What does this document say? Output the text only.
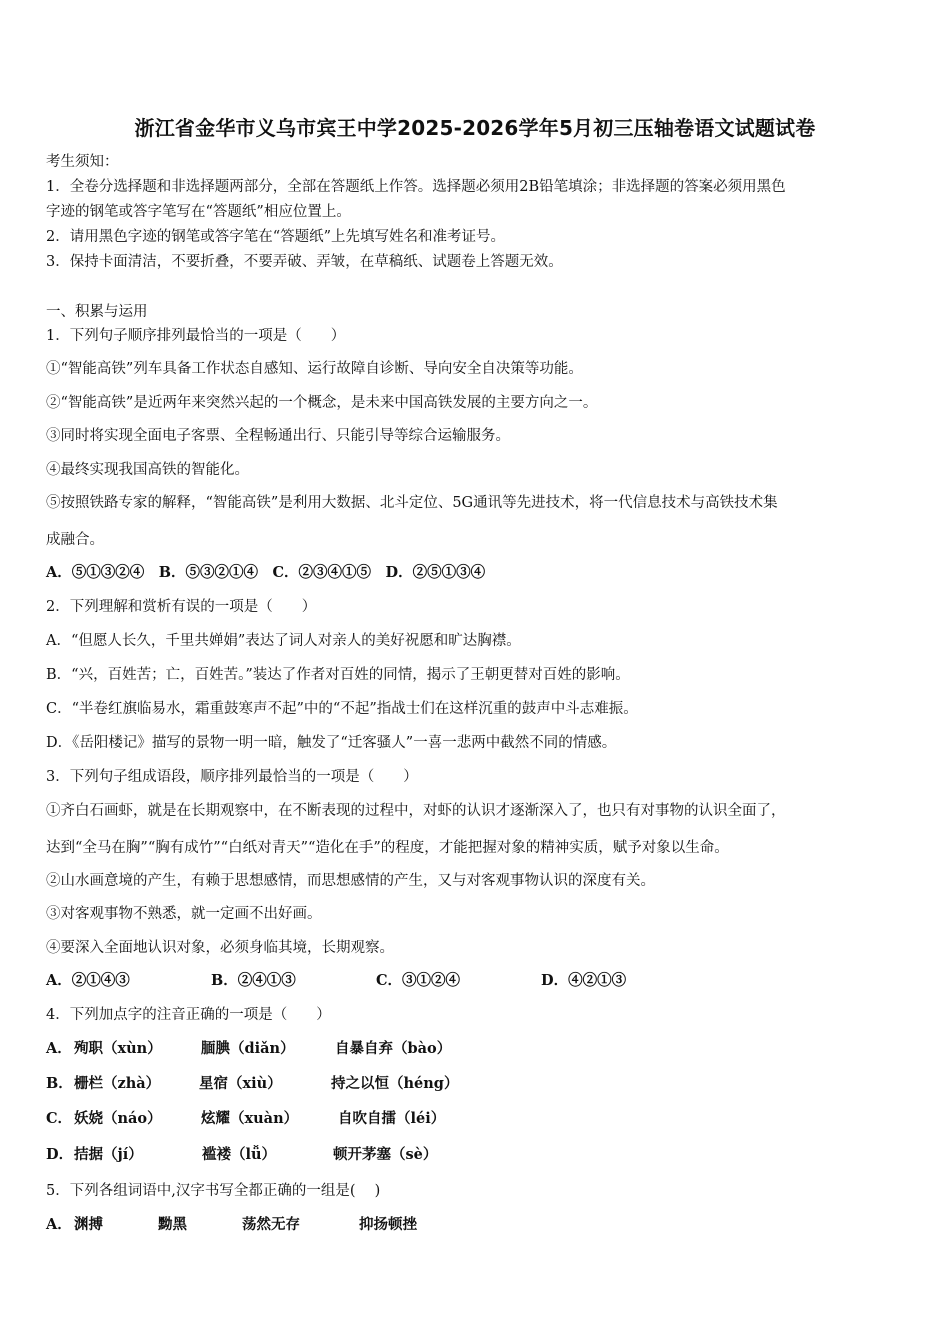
浙江省金华市义乌市宾王中学2025-2026学年5月初三压轴卷语文试题试卷
考生须知：
1．全卷分选择题和非选择题两部分，全部在答题纸上作答。选择题必须用2B铅笔填涂；非选择题的答案必须用黑色
字迹的钢笔或答字笔写在“答题纸”相应位置上。
2．请用黑色字迹的钢笔或答字笔在“答题纸”上先填写姓名和准考证号。
3．保持卡面清洁，不要折叠，不要弄破、弄皱，在草稿纸、试题卷上答题无效。
一、积累与运用
1．下列句子顺序排列最恰当的一项是（　　）
①“智能高铁”列车具备工作状态自感知、运行故障自诊断、导向安全自决策等功能。
②“智能高铁”是近两年来突然兴起的一个概念，是未来中国高铁发展的主要方向之一。
③同时将实现全面电子客票、全程畅通出行、只能引导等综合运输服务。
④最终实现我国高铁的智能化。
⑤按照铁路专家的解释，“智能高铁”是利用大数据、北斗定位、5G通讯等先进技术，将一代信息技术与高铁技术集
成融合。
A．⑤①③②④　B．⑤③②①④　C．②③④①⑤　D．②⑤①③④
2．下列理解和赏析有误的一项是（　　）
A．“但愿人长久，千里共婵娟”表达了词人对亲人的美好祝愿和旷达胸襟。
B．“兴，百姓苦；亡，百姓苦。”装达了作者对百姓的同情，揭示了王朝更替对百姓的影响。
C．“半卷红旗临易水，霜重鼓寒声不起”中的“不起”指战士们在这样沉重的鼓声中斗志难振。
D．《岳阳楼记》描写的景物一明一暗，触发了“迁客骚人”一喜一悲两中截然不同的情感。
3．下列句子组成语段，顺序排列最恰当的一项是（　　）
①齐白石画虾，就是在长期观察中，在不断表现的过程中，对虾的认识才逐渐深入了，也只有对事物的认识全面了，
达到“全马在胸”“胸有成竹”“白纸对青天”“造化在手”的程度，才能把握对象的精神实质，赋予对象以生命。
②山水画意境的产生，有赖于思想感情，而思想感情的产生，又与对客观事物认识的深度有关。
③对客观事物不熟悉，就一定画不出好画。
④要深入全面地认识对象，必须身临其境，长期观察。
A．②①④③	B．②④①③	C．③①②④	D．④②①③
4．下列加点字的注音正确的一项是（　　）
A． 殉职（xùn）	腼腆（diǎn）	自暴自弃（bào）
B． 栅栏（zhà）	星宿（xiù）	持之以恒（héng）
C． 妖娆（náo）	炫耀（xuàn）	自吹自擂（léi）
D． 拮据（jí）	褴褛（lǚ）	顿开茅塞（sè）
5．下列各组词语中,汉字书写全都正确的一组是(　 )
A． 渊搏	黝黑	荡然无存	抑扬顿挫
